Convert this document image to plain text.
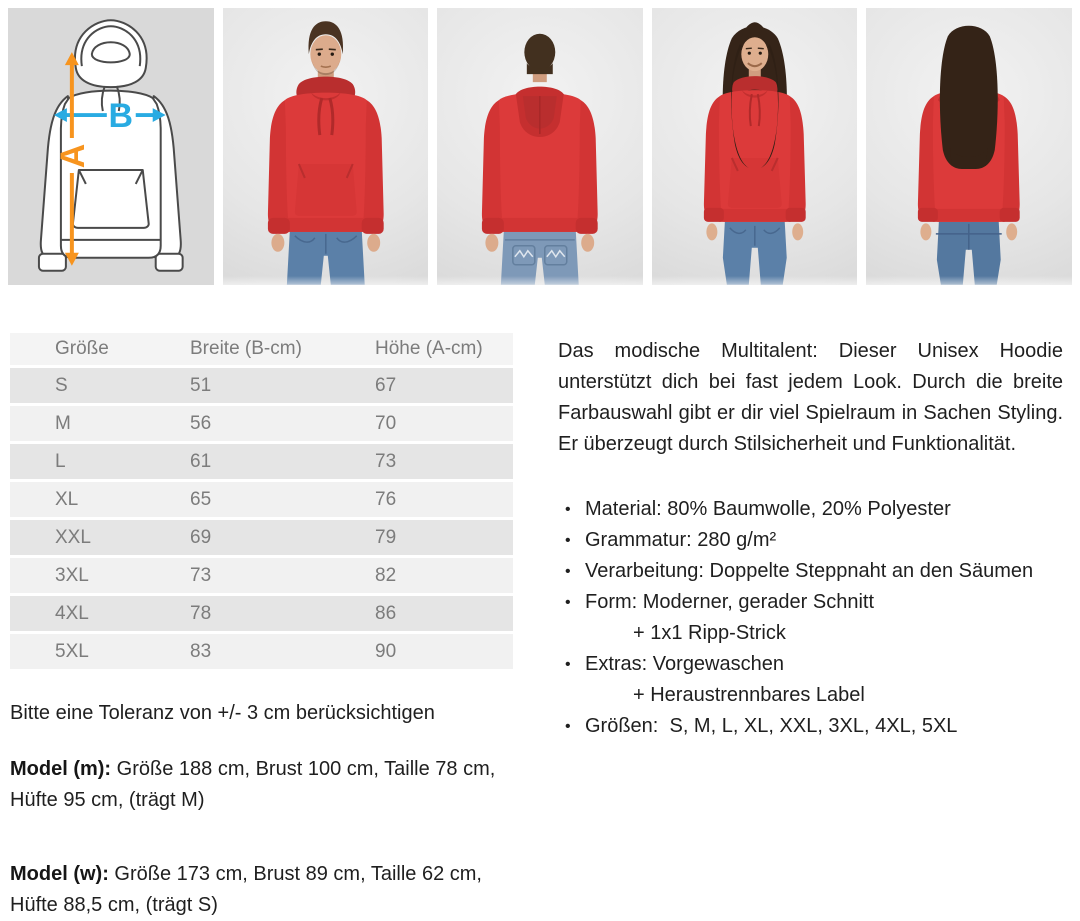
B
A
Größe	Breite (B-cm)	Höhe (A-cm)
S	51	67
M	56	70
L	61	73
XL	65	76
XXL	69	79
3XL	73	82
4XL	78	86
5XL	83	90

Bitte eine Toleranz von +/- 3 cm berücksichtigen

Model (m): Größe 188 cm, Brust 100 cm, Taille 78 cm, Hüfte 95 cm, (trägt M)

Model (w): Größe 173 cm, Brust 89 cm, Taille 62 cm, Hüfte 88,5 cm, (trägt S)

Das modische Multitalent: Dieser Unisex Hoodie unterstützt dich bei fast jedem Look. Durch die breite Farbauswahl gibt er dir viel Spielraum in Sachen Styling. Er überzeugt durch Stilsicherheit und Funktionalität.

• Material: 80% Baumwolle, 20% Polyester
• Grammatur: 280 g/m²
• Verarbeitung: Doppelte Steppnaht an den Säumen
• Form: Moderner, gerader Schnitt
+ 1x1 Ripp-Strick
• Extras: Vorgewaschen
+ Heraustrennbares Label
• Größen:  S, M, L, XL, XXL, 3XL, 4XL, 5XL
